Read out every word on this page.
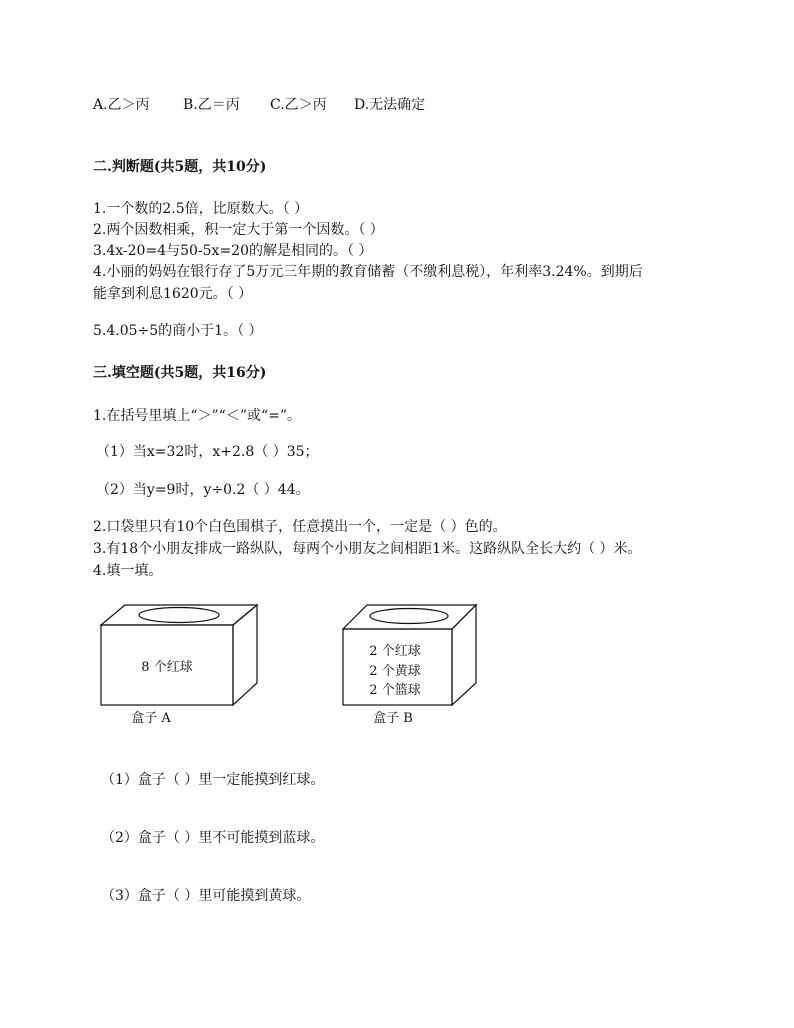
A.乙＞丙 B.乙＝丙 C.乙＞丙 D.无法确定
二.判断题(共5题，共10分)
1.一个数的2.5倍，比原数大。（ ）
2.两个因数相乘，积一定大于第一个因数。（ ）
3.4x-20=4与50-5x=20的解是相同的。（ ）
4.小丽的妈妈在银行存了5万元三年期的教育储蓄（不缴利息税），年利率3.24%。到期后
能拿到利息1620元。（ ）
5.4.05÷5的商小于1。（ ）
三.填空题(共5题，共16分)
1.在括号里填上“＞”“＜”或“=”。
（1）当x=32时，x+2.8（ ）35；
（2）当y=9时，y÷0.2（ ）44。
2.口袋里只有10个白色围棋子，任意摸出一个，一定是（ ）色的。
3.有18个小朋友排成一路纵队，每两个小朋友之间相距1米。这路纵队全长大约（ ）米。
4.填一填。
8 个红球
盒子 A
2 个红球
2 个黄球
2 个篮球
盒子 B
（1）盒子（ ）里一定能摸到红球。
（2）盒子（ ）里不可能摸到蓝球。
（3）盒子（ ）里可能摸到黄球。
